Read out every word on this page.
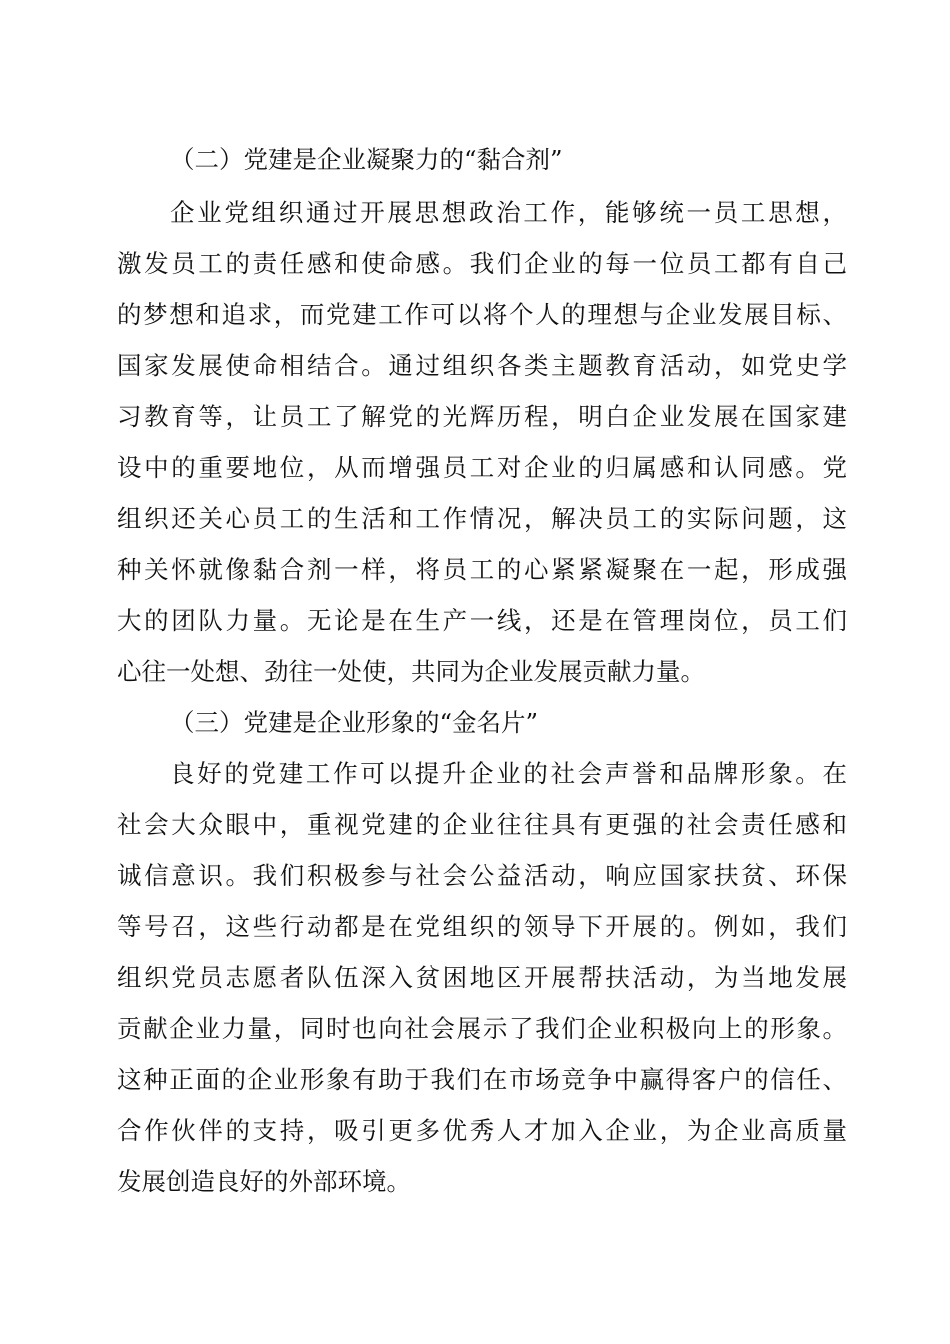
（二）党建是企业凝聚力的“黏合剂”
企业党组织通过开展思想政治工作，能够统一员工思想，
激发员工的责任感和使命感。我们企业的每一位员工都有自己
的梦想和追求，而党建工作可以将个人的理想与企业发展目标、
国家发展使命相结合。通过组织各类主题教育活动，如党史学
习教育等，让员工了解党的光辉历程，明白企业发展在国家建
设中的重要地位，从而增强员工对企业的归属感和认同感。党
组织还关心员工的生活和工作情况，解决员工的实际问题，这
种关怀就像黏合剂一样，将员工的心紧紧凝聚在一起，形成强
大的团队力量。无论是在生产一线，还是在管理岗位，员工们
心往一处想、劲往一处使，共同为企业发展贡献力量。
（三）党建是企业形象的“金名片”
良好的党建工作可以提升企业的社会声誉和品牌形象。在
社会大众眼中，重视党建的企业往往具有更强的社会责任感和
诚信意识。我们积极参与社会公益活动，响应国家扶贫、环保
等号召，这些行动都是在党组织的领导下开展的。例如，我们
组织党员志愿者队伍深入贫困地区开展帮扶活动，为当地发展
贡献企业力量，同时也向社会展示了我们企业积极向上的形象。
这种正面的企业形象有助于我们在市场竞争中赢得客户的信任、
合作伙伴的支持，吸引更多优秀人才加入企业，为企业高质量
发展创造良好的外部环境。
